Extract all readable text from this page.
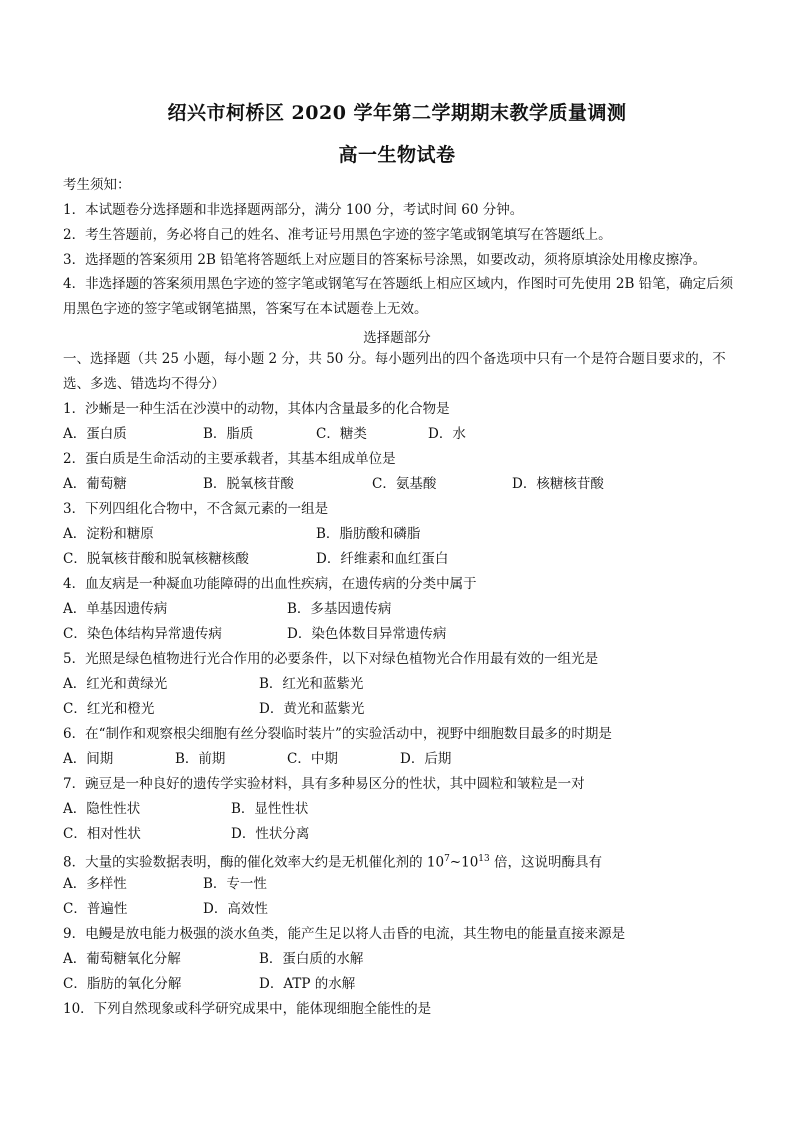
绍兴市柯桥区 2020 学年第二学期期末教学质量调测
高一生物试卷
考生须知：
1．本试题卷分选择题和非选择题两部分，满分 100 分，考试时间 60 分钟。
2．考生答题前，务必将自己的姓名、准考证号用黑色字迹的签字笔或钢笔填写在答题纸上。
3．选择题的答案须用 2B 铅笔将答题纸上对应题目的答案标号涂黑，如要改动，须将原填涂处用橡皮擦净。
4．非选择题的答案须用黑色字迹的签字笔或钢笔写在答题纸上相应区域内，作图时可先使用 2B 铅笔，确定后须用黑色字迹的签字笔或钢笔描黑，答案写在本试题卷上无效。
选择题部分
一、选择题（共 25 小题，每小题 2 分，共 50 分。每小题列出的四个备选项中只有一个是符合题目要求的，不选、多选、错选均不得分）
1．沙蜥是一种生活在沙漠中的动物，其体内含量最多的化合物是
A．蛋白质	B．脂质	C．糖类	D．水
2．蛋白质是生命活动的主要承载者，其基本组成单位是
A．葡萄糖	B．脱氧核苷酸	C．氨基酸	D．核糖核苷酸
3．下列四组化合物中，不含氮元素的一组是
A．淀粉和糖原	B．脂肪酸和磷脂
C．脱氧核苷酸和脱氧核糖核酸	D．纤维素和血红蛋白
4．血友病是一种凝血功能障碍的出血性疾病，在遗传病的分类中属于
A．单基因遗传病	B．多基因遗传病
C．染色体结构异常遗传病	D．染色体数目异常遗传病
5．光照是绿色植物进行光合作用的必要条件，以下对绿色植物光合作用最有效的一组光是
A．红光和黄绿光	B．红光和蓝紫光
C．红光和橙光	D．黄光和蓝紫光
6．在“制作和观察根尖细胞有丝分裂临时装片”的实验活动中，视野中细胞数目最多的时期是
A．间期	B．前期	C．中期	D．后期
7．豌豆是一种良好的遗传学实验材料，具有多种易区分的性状，其中圆粒和皱粒是一对
A．隐性性状	B．显性性状
C．相对性状	D．性状分离
8．大量的实验数据表明，酶的催化效率大约是无机催化剂的 $10^7\sim 10^{13}$ 倍，这说明酶具有
A．多样性	B．专一性
C．普遍性	D．高效性
9．电鳗是放电能力极强的淡水鱼类，能产生足以将人击昏的电流，其生物电的能量直接来源是
A．葡萄糖氧化分解	B．蛋白质的水解
C．脂肪的氧化分解	D．ATP 的水解
10．下列自然现象或科学研究成果中，能体现细胞全能性的是
